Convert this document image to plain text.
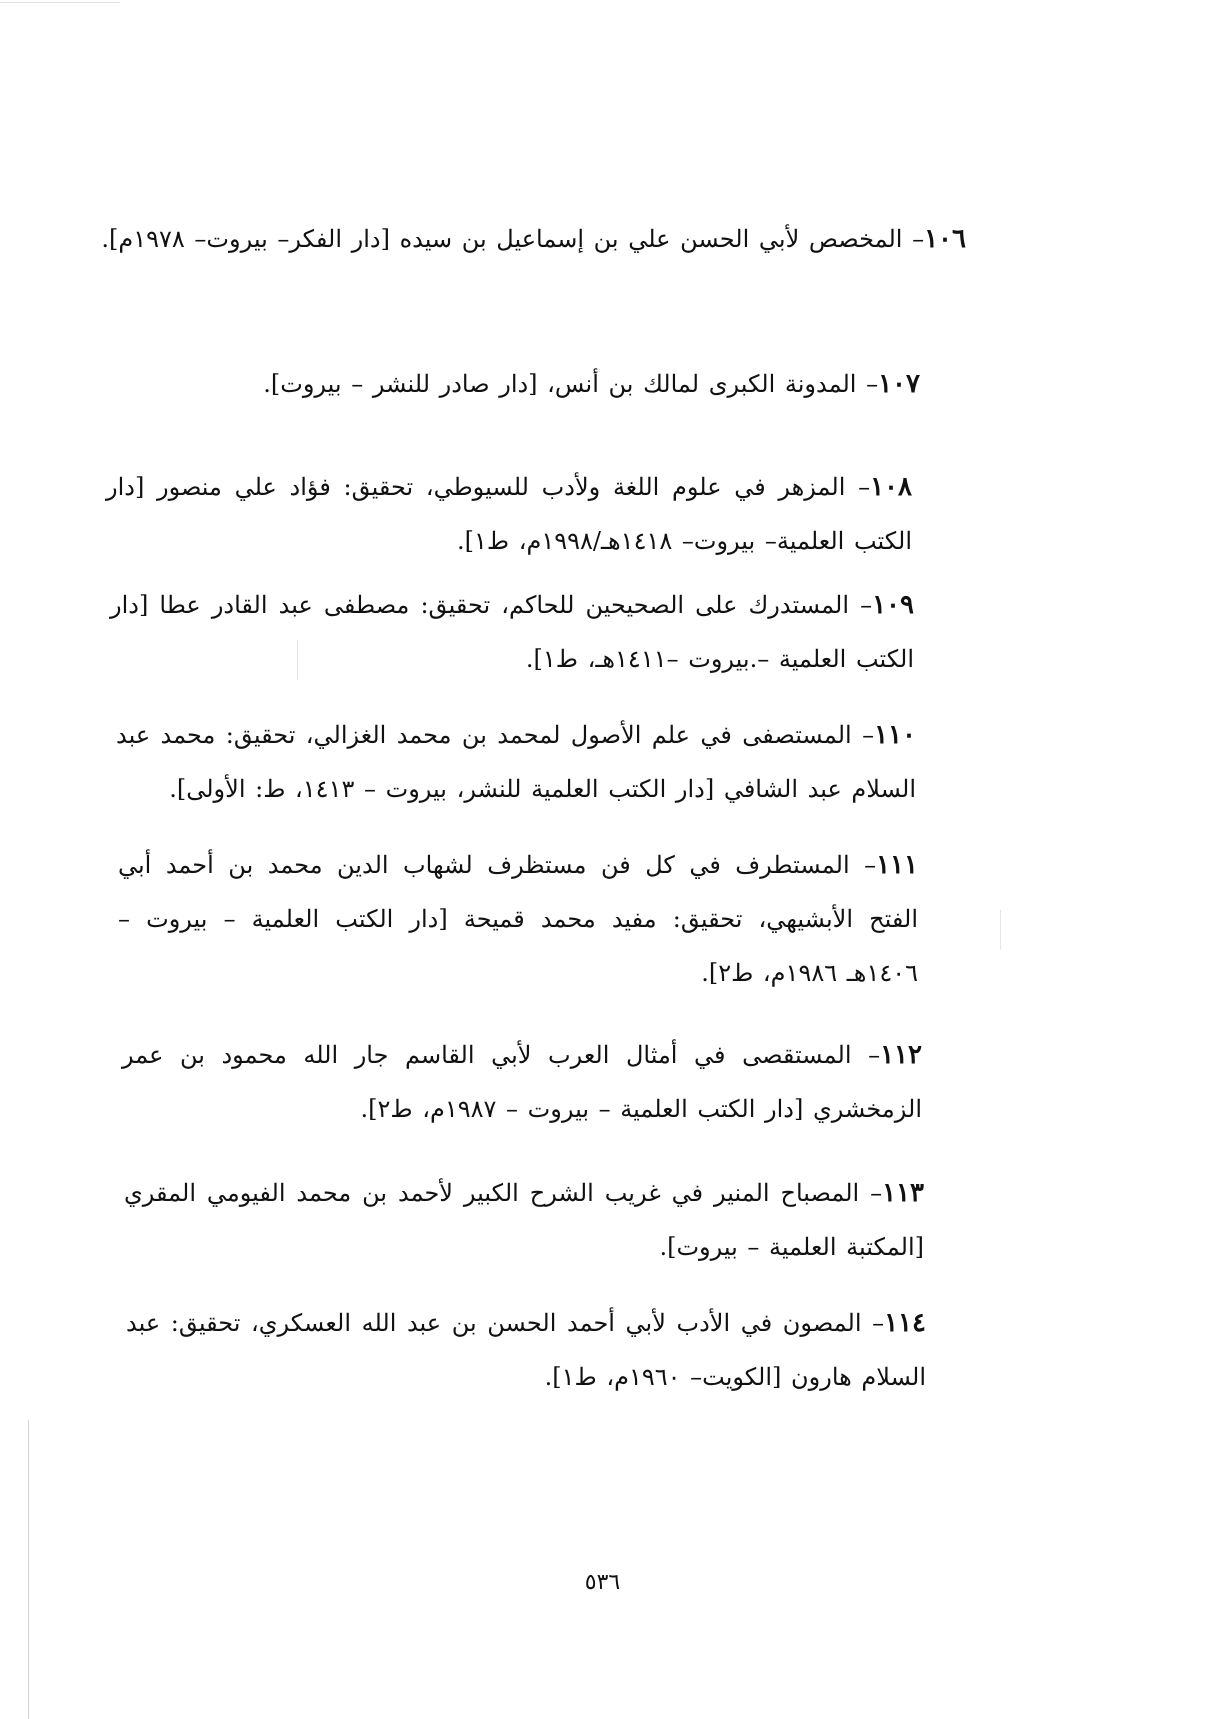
١٠٦– المخصص لأبي الحسن علي بن إسماعيل بن سيده [دار الفكر– بيروت– ١٩٧٨م].

١٠٧– المدونة الكبرى لمالك بن أنس، [دار صادر للنشر – بيروت].

١٠٨– المزهر في علوم اللغة ولأدب للسيوطي، تحقيق: فؤاد علي منصور [دار الكتب العلمية– بيروت– ١٤١٨هـ/١٩٩٨م، ط١].

١٠٩– المستدرك على الصحيحين للحاكم، تحقيق: مصطفى عبد القادر عطا [دار الكتب العلمية –.بيروت –١٤١١هـ، ط١].

١١٠– المستصفى في علم الأصول لمحمد بن محمد الغزالي، تحقيق: محمد عبد السلام عبد الشافي [دار الكتب العلمية للنشر، بيروت – ١٤١٣، ط: الأولى].

١١١– المستطرف في كل فن مستظرف لشهاب الدين محمد بن أحمد أبي الفتح الأبشيهي، تحقيق: مفيد محمد قميحة [دار الكتب العلمية – بيروت – ١٤٠٦هـ ١٩٨٦م، ط٢].

١١٢– المستقصى في أمثال العرب لأبي القاسم جار الله محمود بن عمر الزمخشري [دار الكتب العلمية – بيروت – ١٩٨٧م، ط٢].

١١٣– المصباح المنير في غريب الشرح الكبير لأحمد بن محمد الفيومي المقري [المكتبة العلمية – بيروت].

١١٤– المصون في الأدب لأبي أحمد الحسن بن عبد الله العسكري، تحقيق: عبد السلام هارون [الكويت– ١٩٦٠م، ط١].

٥٣٦
